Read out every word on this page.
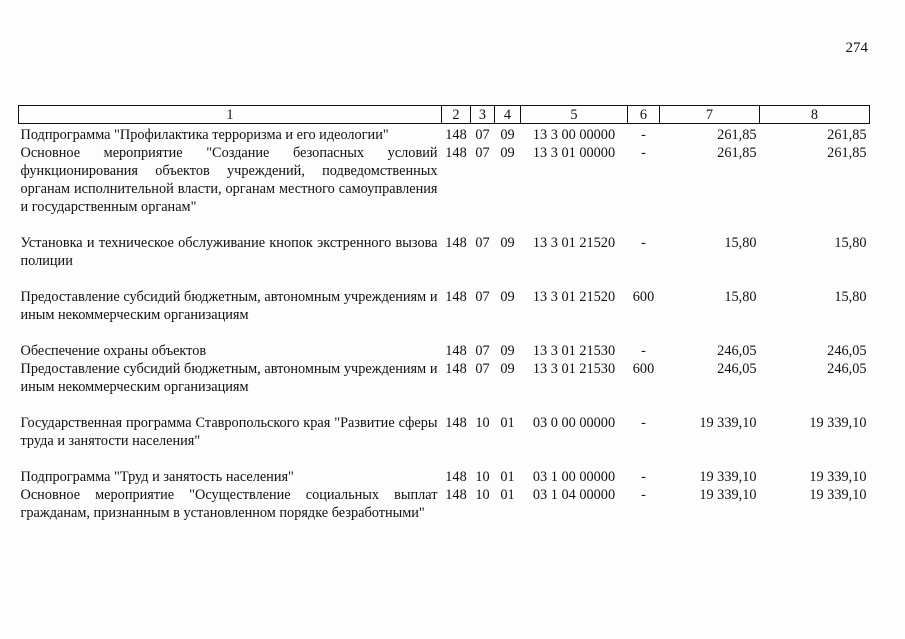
274
1	2	3	4	5	6	7	8
Подпрограмма "Профилактика терроризма и его идеологии"	148	07	09	13 3 00 00000	-	261,85	261,85
Основное мероприятие "Создание безопасных условий функционирования объектов учреждений, подведомственных органам исполнительной власти, органам местного самоуправления и государственным органам"	148	07	09	13 3 01 00000	-	261,85	261,85
Установка и техническое обслуживание кнопок экстренного вызова полиции	148	07	09	13 3 01 21520	-	15,80	15,80
Предоставление субсидий бюджетным, автономным учреждениям и иным некоммерческим организациям	148	07	09	13 3 01 21520	600	15,80	15,80
Обеспечение охраны объектов	148	07	09	13 3 01 21530	-	246,05	246,05
Предоставление субсидий бюджетным, автономным учреждениям и иным некоммерческим организациям	148	07	09	13 3 01 21530	600	246,05	246,05
Государственная программа Ставропольского края "Развитие сферы труда и занятости населения"	148	10	01	03 0 00 00000	-	19 339,10	19 339,10
Подпрограмма "Труд и занятость населения"	148	10	01	03 1 00 00000	-	19 339,10	19 339,10
Основное мероприятие "Осуществление социальных выплат гражданам, признанным в установленном порядке безработными"	148	10	01	03 1 04 00000	-	19 339,10	19 339,10
